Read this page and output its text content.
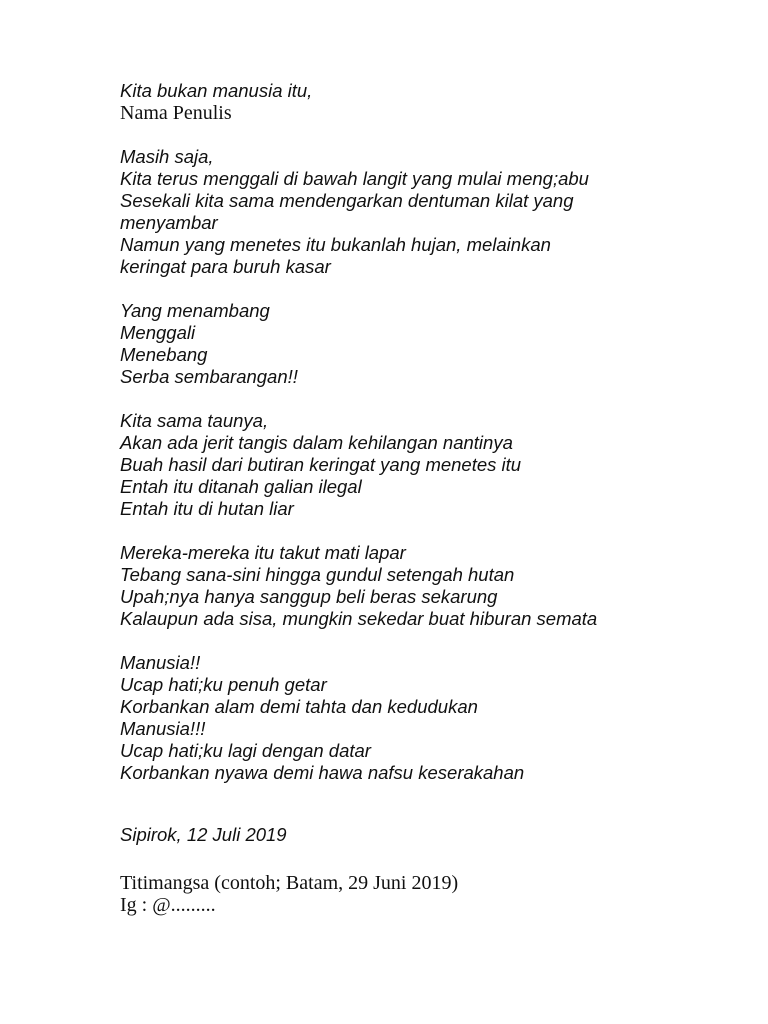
Kita bukan manusia itu,
Nama Penulis
Masih saja,
Kita terus menggali di bawah langit yang mulai meng;abu
Sesekali kita sama mendengarkan dentuman kilat yang
menyambar
Namun yang menetes itu bukanlah hujan, melainkan
keringat para buruh kasar
Yang menambang
Menggali
Menebang
Serba sembarangan!!
Kita sama taunya,
Akan ada jerit tangis dalam kehilangan nantinya
Buah hasil dari butiran keringat yang menetes itu
Entah itu ditanah galian ilegal
Entah itu di hutan liar
Mereka-mereka itu takut mati lapar
Tebang sana-sini hingga gundul setengah hutan
Upah;nya hanya sanggup beli beras sekarung
Kalaupun ada sisa, mungkin sekedar buat hiburan semata
Manusia!!
Ucap hati;ku penuh getar
Korbankan alam demi tahta dan kedudukan
Manusia!!!
Ucap hati;ku lagi dengan datar
Korbankan nyawa demi hawa nafsu keserakahan
Sipirok, 12 Juli 2019
Titimangsa (contoh; Batam, 29 Juni 2019)
Ig : @.........
